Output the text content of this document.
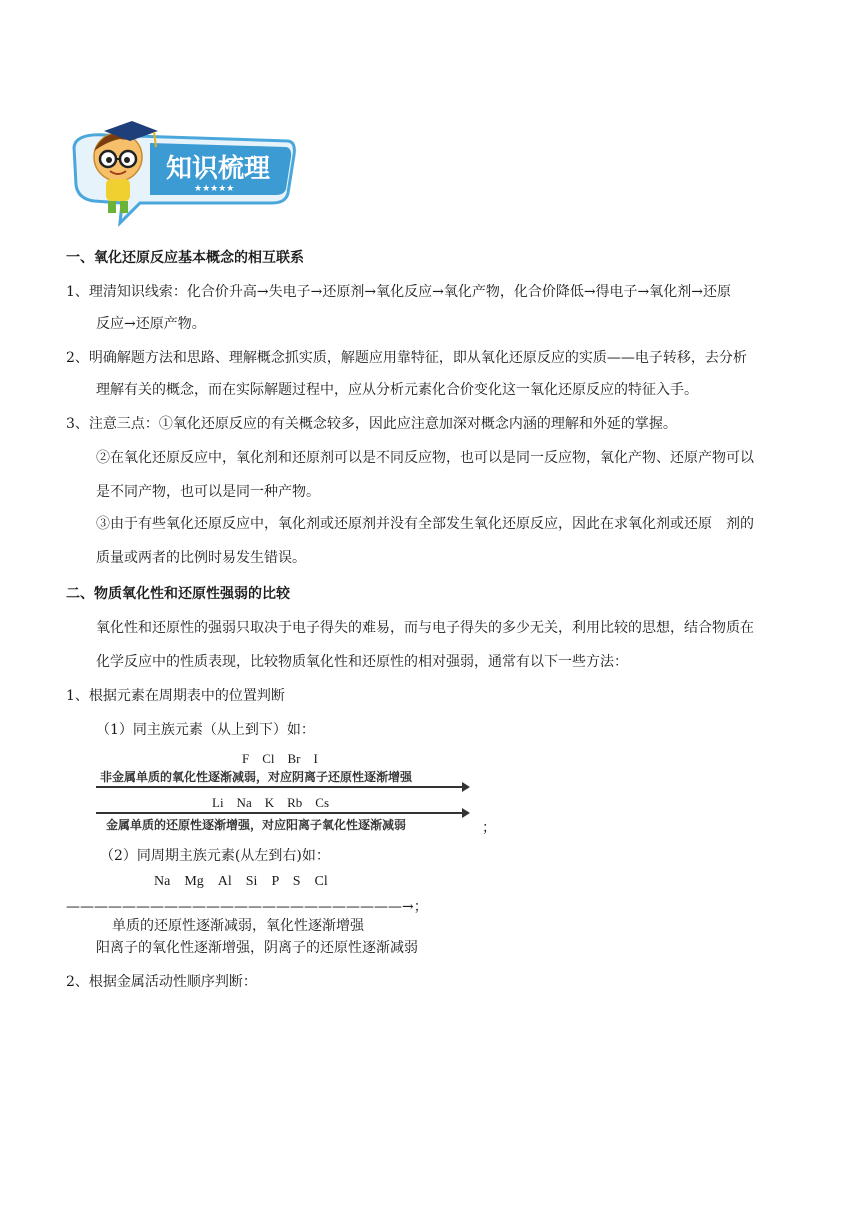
知识梳理
★★★★★
一、氧化还原反应基本概念的相互联系
1、理清知识线索：化合价升高→失电子→还原剂→氧化反应→氧化产物，化合价降低→得电子→氧化剂→还原
反应→还原产物。
2、明确解题方法和思路、理解概念抓实质，解题应用靠特征，即从氧化还原反应的实质——电子转移，去分析
理解有关的概念，而在实际解题过程中，应从分析元素化合价变化这一氧化还原反应的特征入手。
3、注意三点：①氧化还原反应的有关概念较多，因此应注意加深对概念内涵的理解和外延的掌握。
②在氧化还原反应中，氧化剂和还原剂可以是不同反应物，也可以是同一反应物，氧化产物、还原产物可以
是不同产物，也可以是同一种产物。
③由于有些氧化还原反应中，氧化剂或还原剂并没有全部发生氧化还原反应，因此在求氧化剂或还原　剂的
质量或两者的比例时易发生错误。
二、物质氧化性和还原性强弱的比较
氧化性和还原性的强弱只取决于电子得失的难易，而与电子得失的多少无关，利用比较的思想，结合物质在
化学反应中的性质表现，比较物质氧化性和还原性的相对强弱，通常有以下一些方法：
1、根据元素在周期表中的位置判断
（1）同主族元素（从上到下）如：
F　Cl　Br　I
非金属单质的氧化性逐渐减弱，对应阴离子还原性逐渐增强
Li　Na　K　Rb　Cs
金属单质的还原性逐渐增强，对应阳离子氧化性逐渐减弱	；
（2）同周期主族元素(从左到右)如：
Na　Mg　Al　Si　P　S　Cl
————————————————————————→；
单质的还原性逐渐减弱，氧化性逐渐增强
阳离子的氧化性逐渐增强，阴离子的还原性逐渐减弱
2、根据金属活动性顺序判断：
